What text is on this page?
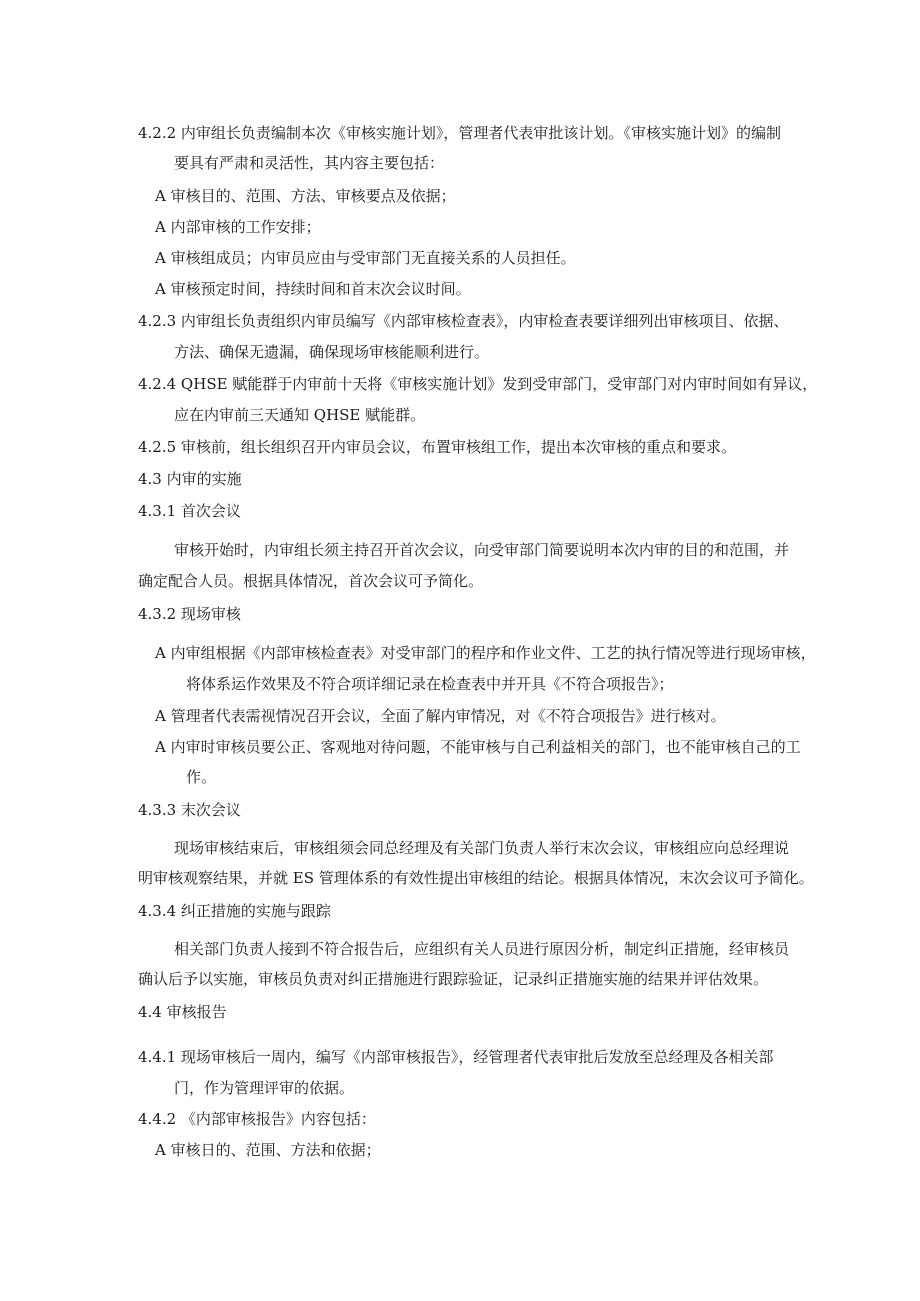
4.2.2 内审组长负责编制本次《审核实施计划》，管理者代表审批该计划。《审核实施计划》的编制
要具有严肃和灵活性，其内容主要包括：
A 审核目的、范围、方法、审核要点及依据；
A 内部审核的工作安排；
A 审核组成员；内审员应由与受审部门无直接关系的人员担任。
A 审核预定时间，持续时间和首末次会议时间。
4.2.3 内审组长负责组织内审员编写《内部审核检查表》，内审检查表要详细列出审核项目、依据、
方法、确保无遗漏，确保现场审核能顺利进行。
4.2.4 QHSE 赋能群于内审前十天将《审核实施计划》发到受审部门，受审部门对内审时间如有异议，
应在内审前三天通知 QHSE 赋能群。
4.2.5 审核前，组长组织召开内审员会议，布置审核组工作，提出本次审核的重点和要求。
4.3 内审的实施
4.3.1 首次会议
审核开始时，内审组长须主持召开首次会议，向受审部门简要说明本次内审的目的和范围，并
确定配合人员。根据具体情况，首次会议可予简化。
4.3.2 现场审核
A 内审组根据《内部审核检查表》对受审部门的程序和作业文件、工艺的执行情况等进行现场审核，
将体系运作效果及不符合项详细记录在检查表中并开具《不符合项报告》；
A 管理者代表需视情况召开会议，全面了解内审情况，对《不符合项报告》进行核对。
A 内审时审核员要公正、客观地对待问题，不能审核与自己利益相关的部门，也不能审核自己的工
作。
4.3.3 末次会议
现场审核结束后，审核组须会同总经理及有关部门负责人举行末次会议，审核组应向总经理说
明审核观察结果，并就 ES 管理体系的有效性提出审核组的结论。根据具体情况，末次会议可予简化。
4.3.4 纠正措施的实施与跟踪
相关部门负责人接到不符合报告后，应组织有关人员进行原因分析，制定纠正措施，经审核员
确认后予以实施，审核员负责对纠正措施进行跟踪验证，记录纠正措施实施的结果并评估效果。
4.4 审核报告
4.4.1 现场审核后一周内，编写《内部审核报告》，经管理者代表审批后发放至总经理及各相关部
门，作为管理评审的依据。
4.4.2 《内部审核报告》内容包括：
A 审核日的、范围、方法和依据；
